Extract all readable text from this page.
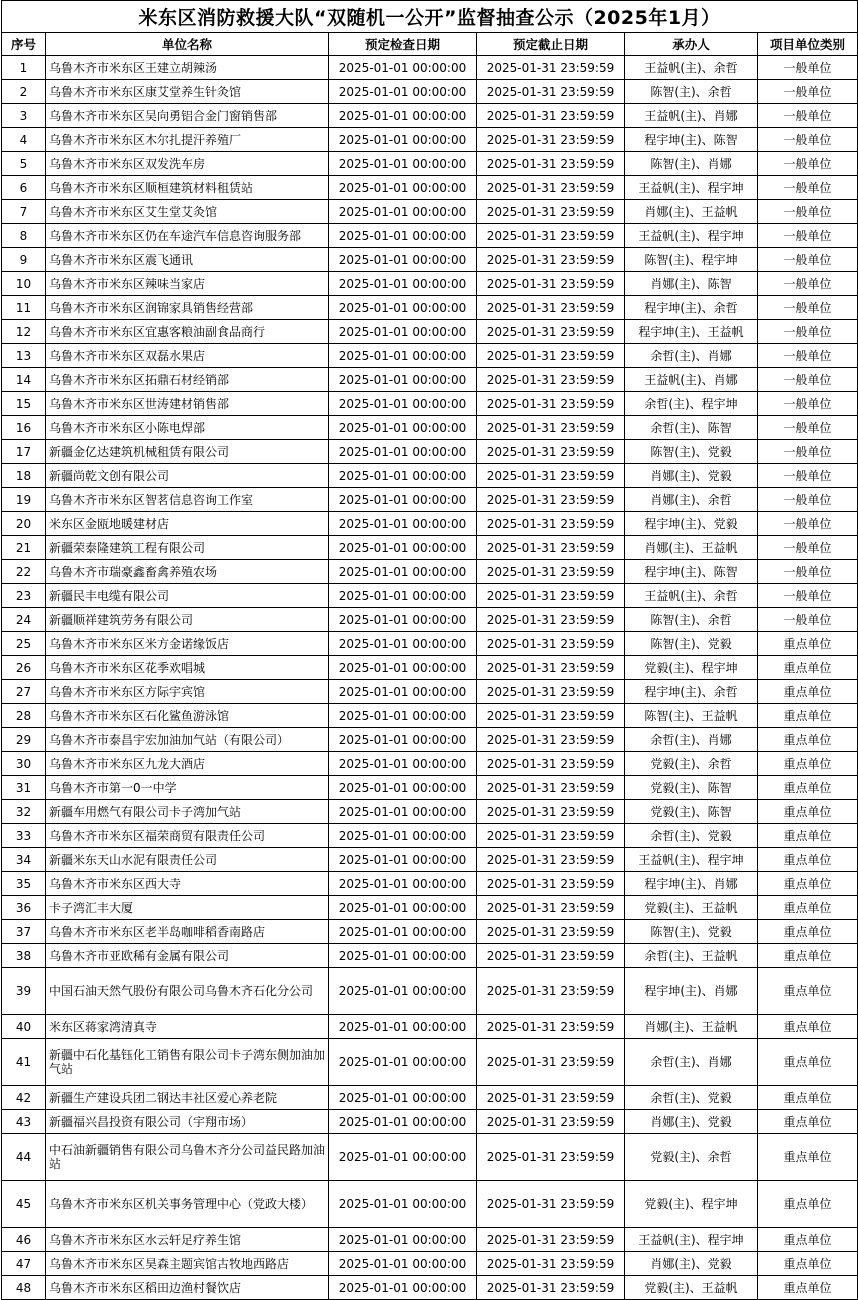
米东区消防救援大队“双随机一公开”监督抽查公示（2025年1月）					
序号	单位名称	预定检查日期	预定截止日期	承办人	项目单位类别
1	乌鲁木齐市米东区王建立胡辣汤	2025-01-01 00:00:00	2025-01-31 23:59:59	王益帆(主)、余哲	一般单位
2	乌鲁木齐市米东区康艾堂养生针灸馆	2025-01-01 00:00:00	2025-01-31 23:59:59	陈智(主)、余哲	一般单位
3	乌鲁木齐市米东区吴向勇铝合金门窗销售部	2025-01-01 00:00:00	2025-01-31 23:59:59	王益帆(主)、肖娜	一般单位
4	乌鲁木齐市米东区木尔扎提汗养殖厂	2025-01-01 00:00:00	2025-01-31 23:59:59	程宇坤(主)、陈智	一般单位
5	乌鲁木齐市米东区双发洗车房	2025-01-01 00:00:00	2025-01-31 23:59:59	陈智(主)、肖娜	一般单位
6	乌鲁木齐市米东区顺桓建筑材料租赁站	2025-01-01 00:00:00	2025-01-31 23:59:59	王益帆(主)、程宇坤	一般单位
7	乌鲁木齐市米东区艾生堂艾灸馆	2025-01-01 00:00:00	2025-01-31 23:59:59	肖娜(主)、王益帆	一般单位
8	乌鲁木齐市米东区仍在车途汽车信息咨询服务部	2025-01-01 00:00:00	2025-01-31 23:59:59	王益帆(主)、程宇坤	一般单位
9	乌鲁木齐市米东区震飞通讯	2025-01-01 00:00:00	2025-01-31 23:59:59	陈智(主)、程宇坤	一般单位
10	乌鲁木齐市米东区辣味当家店	2025-01-01 00:00:00	2025-01-31 23:59:59	肖娜(主)、陈智	一般单位
11	乌鲁木齐市米东区润锦家具销售经营部	2025-01-01 00:00:00	2025-01-31 23:59:59	程宇坤(主)、余哲	一般单位
12	乌鲁木齐市米东区宜惠客粮油副食品商行	2025-01-01 00:00:00	2025-01-31 23:59:59	程宇坤(主)、王益帆	一般单位
13	乌鲁木齐市米东区双磊水果店	2025-01-01 00:00:00	2025-01-31 23:59:59	余哲(主)、肖娜	一般单位
14	乌鲁木齐市米东区拓鼎石材经销部	2025-01-01 00:00:00	2025-01-31 23:59:59	王益帆(主)、肖娜	一般单位
15	乌鲁木齐市米东区世涛建材销售部	2025-01-01 00:00:00	2025-01-31 23:59:59	余哲(主)、程宇坤	一般单位
16	乌鲁木齐市米东区小陈电焊部	2025-01-01 00:00:00	2025-01-31 23:59:59	余哲(主)、陈智	一般单位
17	新疆金亿达建筑机械租赁有限公司	2025-01-01 00:00:00	2025-01-31 23:59:59	陈智(主)、党毅	一般单位
18	新疆尚乾文创有限公司	2025-01-01 00:00:00	2025-01-31 23:59:59	肖娜(主)、党毅	一般单位
19	乌鲁木齐市米东区智茗信息咨询工作室	2025-01-01 00:00:00	2025-01-31 23:59:59	肖娜(主)、余哲	一般单位
20	米东区金瓯地暖建材店	2025-01-01 00:00:00	2025-01-31 23:59:59	程宇坤(主)、党毅	一般单位
21	新疆荣泰隆建筑工程有限公司	2025-01-01 00:00:00	2025-01-31 23:59:59	肖娜(主)、王益帆	一般单位
22	乌鲁木齐市瑞豪鑫畜禽养殖农场	2025-01-01 00:00:00	2025-01-31 23:59:59	程宇坤(主)、陈智	一般单位
23	新疆民丰电缆有限公司	2025-01-01 00:00:00	2025-01-31 23:59:59	王益帆(主)、余哲	一般单位
24	新疆顺祥建筑劳务有限公司	2025-01-01 00:00:00	2025-01-31 23:59:59	陈智(主)、余哲	一般单位
25	乌鲁木齐市米东区米方金诺缘饭店	2025-01-01 00:00:00	2025-01-31 23:59:59	陈智(主)、党毅	重点单位
26	乌鲁木齐市米东区花季欢唱城	2025-01-01 00:00:00	2025-01-31 23:59:59	党毅(主)、程宇坤	重点单位
27	乌鲁木齐市米东区方际宇宾馆	2025-01-01 00:00:00	2025-01-31 23:59:59	程宇坤(主)、余哲	重点单位
28	乌鲁木齐市米东区石化鲨鱼游泳馆	2025-01-01 00:00:00	2025-01-31 23:59:59	陈智(主)、王益帆	重点单位
29	乌鲁木齐市泰昌宇宏加油加气站（有限公司）	2025-01-01 00:00:00	2025-01-31 23:59:59	余哲(主)、肖娜	重点单位
30	乌鲁木齐市米东区九龙大酒店	2025-01-01 00:00:00	2025-01-31 23:59:59	党毅(主)、余哲	重点单位
31	乌鲁木齐市第一0一中学	2025-01-01 00:00:00	2025-01-31 23:59:59	党毅(主)、陈智	重点单位
32	新疆车用燃气有限公司卡子湾加气站	2025-01-01 00:00:00	2025-01-31 23:59:59	党毅(主)、陈智	重点单位
33	乌鲁木齐市米东区福荣商贸有限责任公司	2025-01-01 00:00:00	2025-01-31 23:59:59	余哲(主)、党毅	重点单位
34	新疆米东天山水泥有限责任公司	2025-01-01 00:00:00	2025-01-31 23:59:59	王益帆(主)、程宇坤	重点单位
35	乌鲁木齐市米东区西大寺	2025-01-01 00:00:00	2025-01-31 23:59:59	程宇坤(主)、肖娜	重点单位
36	卡子湾汇丰大厦	2025-01-01 00:00:00	2025-01-31 23:59:59	党毅(主)、王益帆	重点单位
37	乌鲁木齐市米东区老半岛咖啡稻香南路店	2025-01-01 00:00:00	2025-01-31 23:59:59	陈智(主)、党毅	重点单位
38	乌鲁木齐市亚欧稀有金属有限公司	2025-01-01 00:00:00	2025-01-31 23:59:59	余哲(主)、王益帆	重点单位
39	中国石油天然气股份有限公司乌鲁木齐石化分公司	2025-01-01 00:00:00	2025-01-31 23:59:59	程宇坤(主)、肖娜	重点单位
40	米东区蒋家湾清真寺	2025-01-01 00:00:00	2025-01-31 23:59:59	肖娜(主)、王益帆	重点单位
41	新疆中石化基钰化工销售有限公司卡子湾东侧加油加气站	2025-01-01 00:00:00	2025-01-31 23:59:59	余哲(主)、肖娜	重点单位
42	新疆生产建设兵团二钢达丰社区爱心养老院	2025-01-01 00:00:00	2025-01-31 23:59:59	余哲(主)、党毅	重点单位
43	新疆福兴昌投资有限公司（宇翔市场）	2025-01-01 00:00:00	2025-01-31 23:59:59	肖娜(主)、党毅	重点单位
44	中石油新疆销售有限公司乌鲁木齐分公司益民路加油站	2025-01-01 00:00:00	2025-01-31 23:59:59	党毅(主)、余哲	重点单位
45	乌鲁木齐市米东区机关事务管理中心（党政大楼）	2025-01-01 00:00:00	2025-01-31 23:59:59	党毅(主)、程宇坤	重点单位
46	乌鲁木齐市米东区水云轩足疗养生馆	2025-01-01 00:00:00	2025-01-31 23:59:59	王益帆(主)、程宇坤	重点单位
47	乌鲁木齐市米东区昊森主题宾馆古牧地西路店	2025-01-01 00:00:00	2025-01-31 23:59:59	肖娜(主)、党毅	重点单位
48	乌鲁木齐市米东区稻田边渔村餐饮店	2025-01-01 00:00:00	2025-01-31 23:59:59	党毅(主)、王益帆	重点单位
